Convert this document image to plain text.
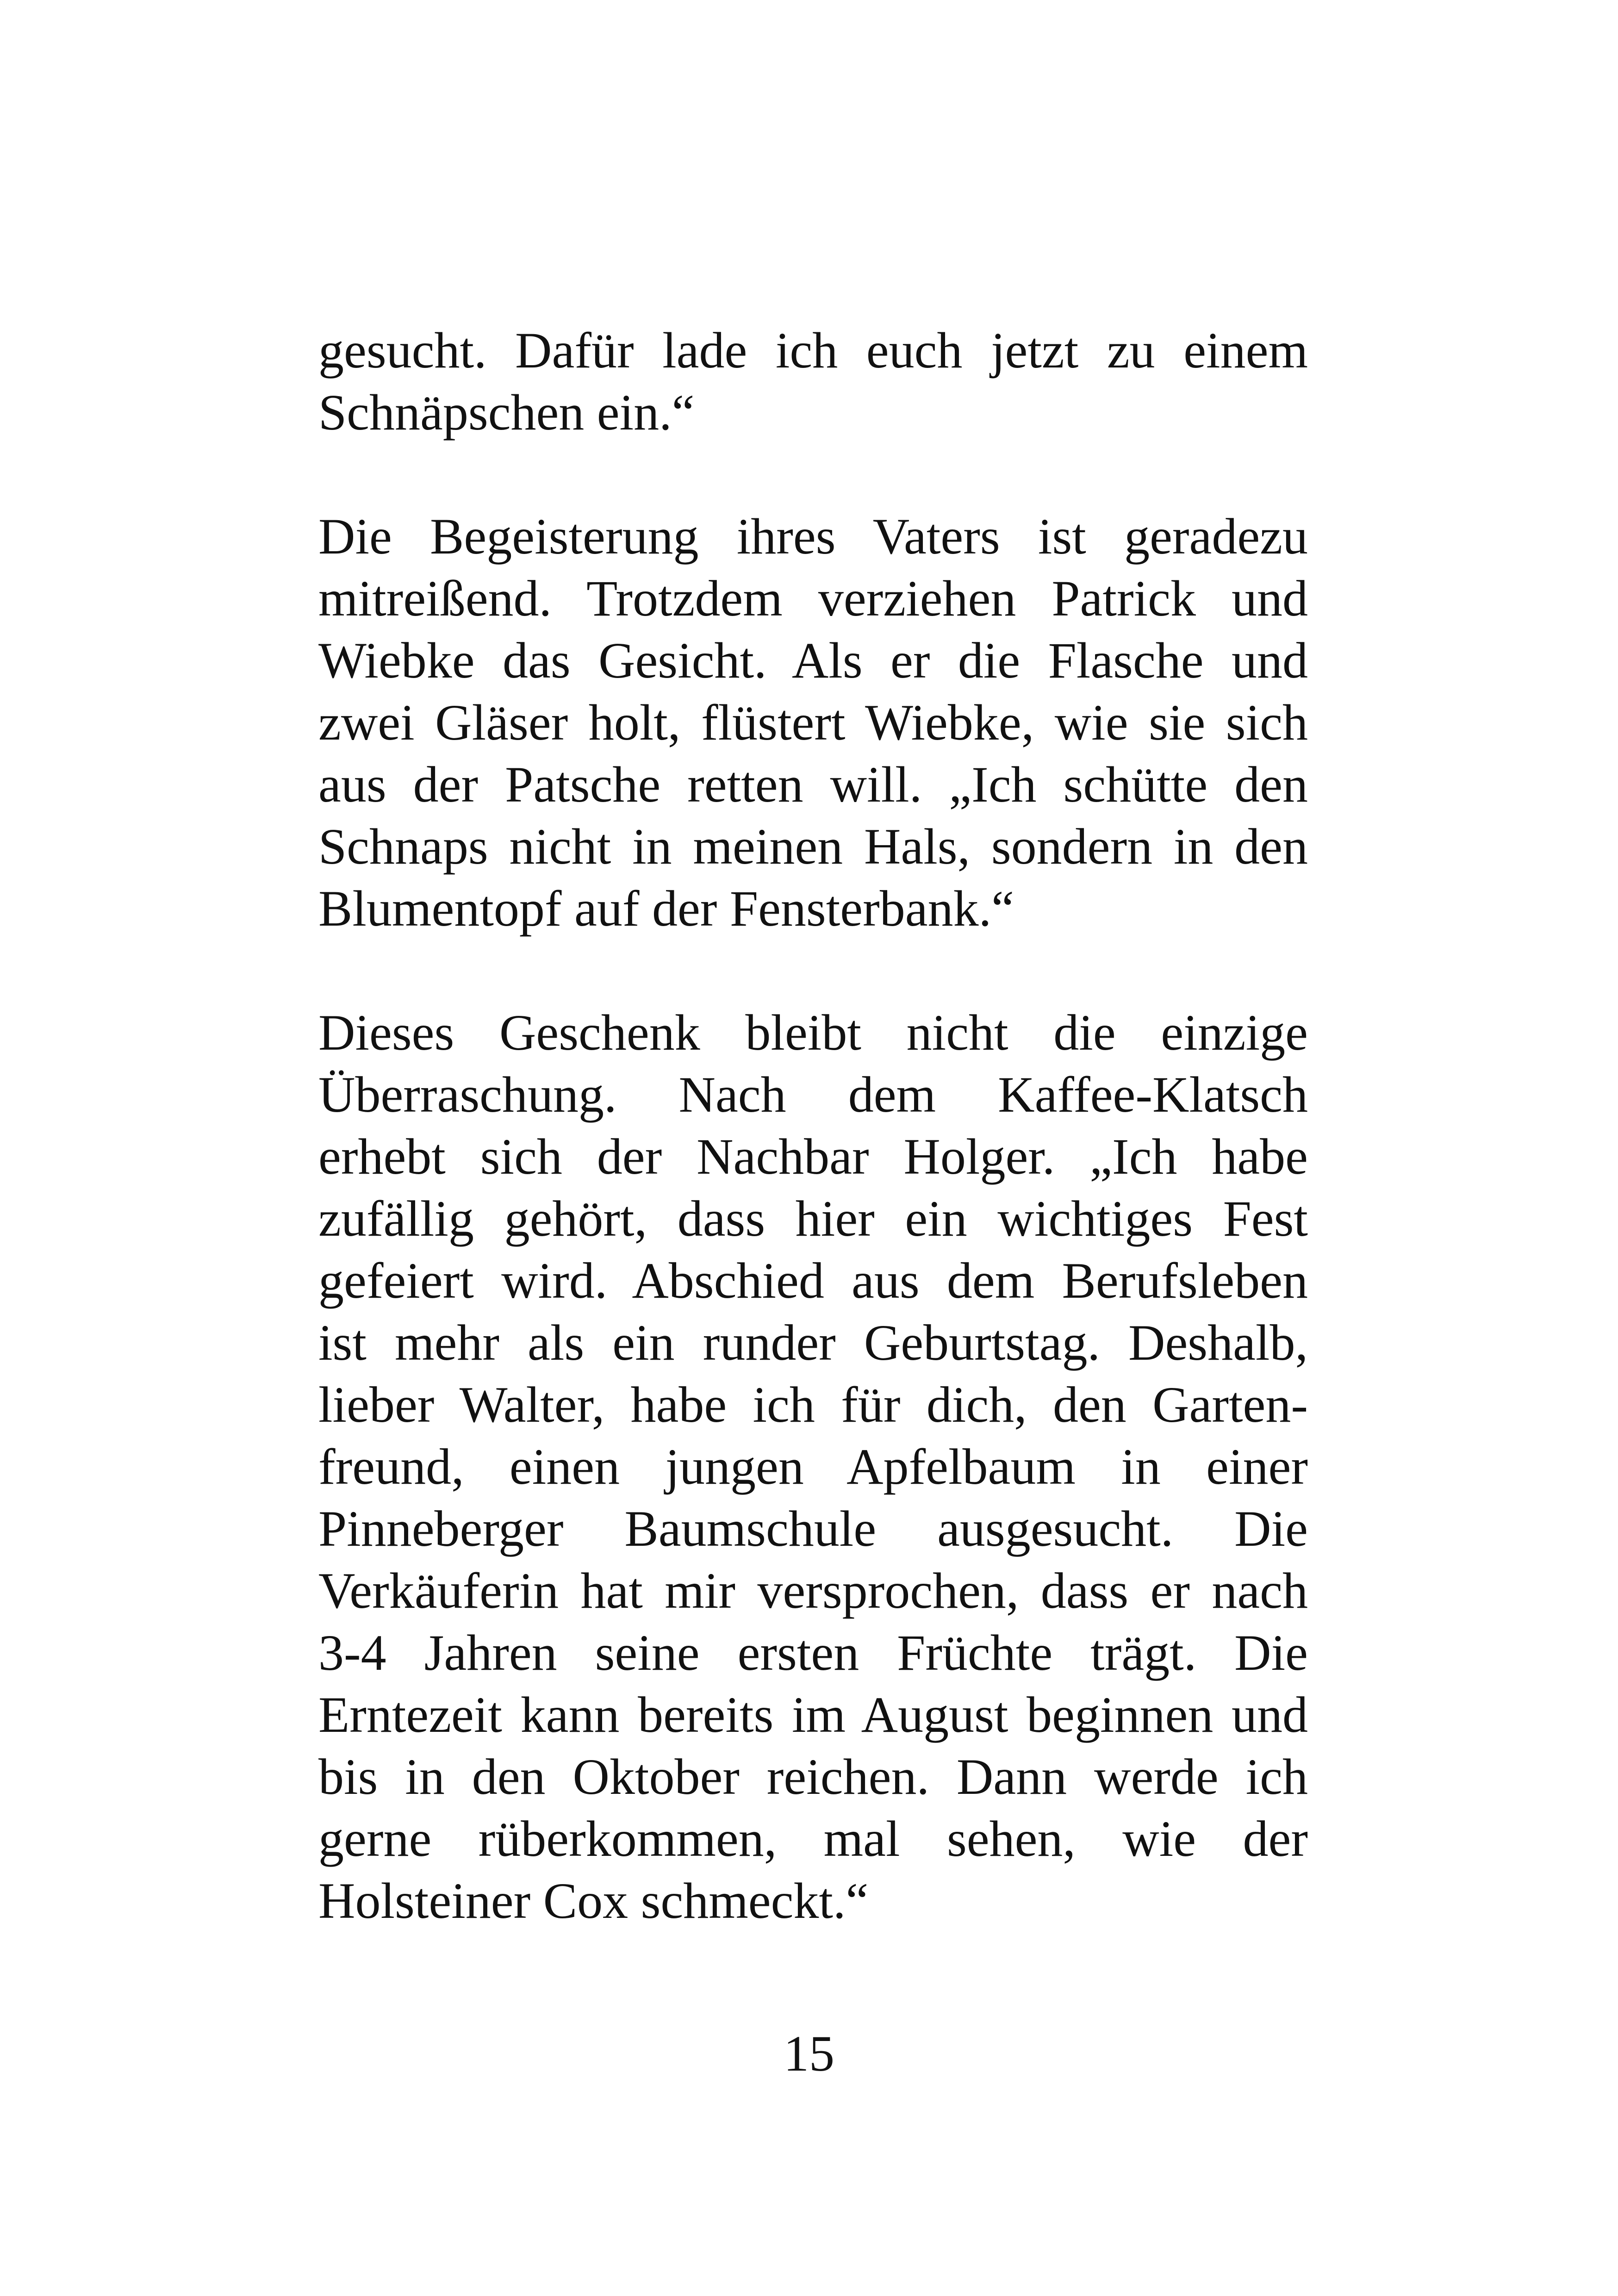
gesucht. Dafür lade ich euch jetzt zu einem
Schnäpschen ein.“

Die Begeisterung ihres Vaters ist geradezu
mitreißend. Trotzdem verziehen Patrick und
Wiebke das Gesicht. Als er die Flasche und
zwei Gläser holt, flüstert Wiebke, wie sie sich
aus der Patsche retten will. „Ich schütte den
Schnaps nicht in meinen Hals, sondern in den
Blumentopf auf der Fensterbank.“

Dieses Geschenk bleibt nicht die einzige
Überraschung. Nach dem Kaffee-Klatsch
erhebt sich der Nachbar Holger. „Ich habe
zufällig gehört, dass hier ein wichtiges Fest
gefeiert wird. Abschied aus dem Berufsleben
ist mehr als ein runder Geburtstag. Deshalb,
lieber Walter, habe ich für dich, den Garten-
freund, einen jungen Apfelbaum in einer
Pinneberger Baumschule ausgesucht. Die
Verkäuferin hat mir versprochen, dass er nach
3-4 Jahren seine ersten Früchte trägt. Die
Erntezeit kann bereits im August beginnen und
bis in den Oktober reichen. Dann werde ich
gerne rüberkommen, mal sehen, wie der
Holsteiner Cox schmeckt.“

15
